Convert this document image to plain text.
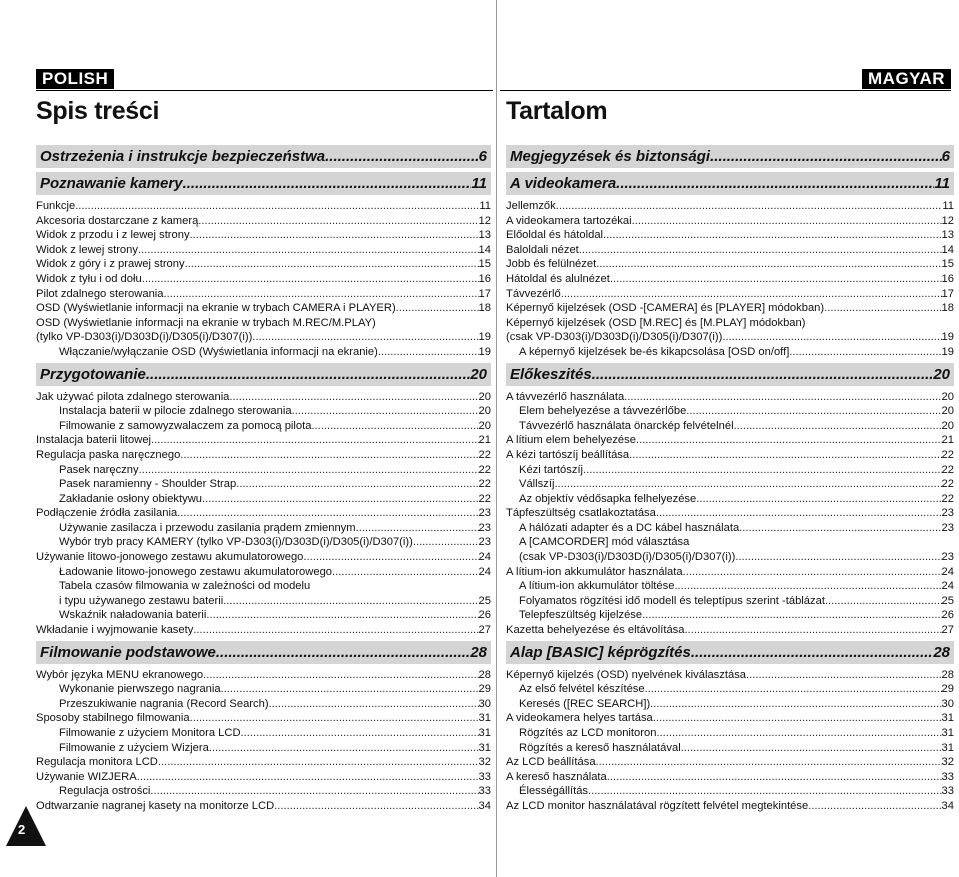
POLISH
Spis treści
MAGYAR
Tartalom
Ostrzeżenia i instrukcje bezpieczeństwa .....	6
Poznawanie kamery .....	11
Funkcje .....	11
Akcesoria dostarczane z kamerą .....	12
Widok z przodu i z lewej strony .....	13
Widok z lewej strony .....	14
Widok z góry i z prawej strony .....	15
Widok z tyłu i od dołu .....	16
Pilot zdalnego sterowania .....	17
OSD (Wyświetlanie informacji na ekranie w trybach CAMERA i PLAYER) .....	18
OSD (Wyświetlanie informacji na ekranie w trybach M.REC/M.PLAY)
(tylko VP-D303(i)/D303D(i)/D305(i)/D307(i)) .....	19
Włączanie/wyłączanie OSD (Wyświetlania informacji na ekranie) .....	19
Przygotowanie .....	20
Jak używać pilota zdalnego sterowania .....	20
Instalacja baterii w pilocie zdalnego sterowania .....	20
Filmowanie z samowyzwalaczem za pomocą pilota .....	20
Instalacja baterii litowej .....	21
Regulacja paska naręcznego .....	22
Pasek naręczny .....	22
Pasek naramienny - Shoulder Strap .....	22
Zakładanie osłony obiektywu .....	22
Podłączenie źródła zasilania .....	23
Używanie zasilacza i przewodu zasilania prądem zmiennym .....	23
Wybór tryb pracy KAMERY (tylko VP-D303(i)/D303D(i)/D305(i)/D307(i)) .....	23
Używanie litowo-jonowego zestawu akumulatorowego .....	24
Ładowanie litowo-jonowego zestawu akumulatorowego .....	24
Tabela czasów filmowania w zależności od modelu
i typu używanego zestawu baterii .....	25
Wskaźnik naładowania baterii .....	26
Wkładanie i wyjmowanie kasety .....	27
Filmowanie podstawowe .....	28
Wybór języka MENU ekranowego .....	28
Wykonanie pierwszego nagrania .....	29
Przeszukiwanie nagrania (Record Search) .....	30
Sposoby stabilnego filmowania .....	31
Filmowanie z użyciem Monitora LCD .....	31
Filmowanie z użyciem Wizjera. .....	31
Regulacja monitora LCD .....	32
Używanie WIZJERA .....	33
Regulacja ostrości .....	33
Odtwarzanie nagranej kasety na monitorze LCD .....	34
Megjegyzések és biztonsági .....	6
A videokamera .....	11
Jellemzők .....	11
A videokamera tartozékai .....	12
Előoldal és hátoldal .....	13
Baloldali nézet .....	14
Jobb és felülnézet .....	15
Hátoldal és alulnézet .....	16
Távvezérlő .....	17
Képernyő kijelzések (OSD -[CAMERA] és [PLAYER] módokban) .....	18
Képernyő kijelzések (OSD [M.REC] és [M.PLAY] módokban)
(csak VP-D303(i)/D303D(i)/D305(i)/D307(i)) .....	19
A képernyő kijelzések be-és kikapcsolása [OSD on/off] .....	19
Előkeszités .....	20
A távvezérlő használata .....	20
Elem behelyezése a távvezérlőbe .....	20
Távvezérlő használata önarckép felvételnél .....	20
A lítium elem behelyezése .....	21
A kézi tartószíj beállítása .....	22
Kézi tartószíj .....	22
Vállszíj .....	22
Az objektív védősapka felhelyezése .....	22
Tápfeszültség csatlakoztatása .....	23
A hálózati adapter és a DC kábel használata .....	23
A [CAMCORDER] mód választása
(csak VP-D303(i)/D303D(i)/D305(i)/D307(i)) .....	23
A lítium-ion akkumulátor használata .....	24
A lítium-ion akkumulátor töltése .....	24
Folyamatos rögzítési idő modell és teleptípus szerint -táblázat .....	25
Telepfeszültség kijelzése .....	26
Kazetta behelyezése és eltávolítása .....	27
Alap [BASIC] képrögzítés .....	28
Képernyő kijelzés (OSD) nyelvének kiválasztása .....	28
Az első felvétel készítése .....	29
Keresés ([REC SEARCH]) .....	30
A videokamera helyes tartása .....	31
Rögzítés az LCD monitoron .....	31
Rögzítés a kereső használatával .....	31
Az LCD beállítása .....	32
A kereső használata .....	33
Élességállítás .....	33
Az LCD monitor használatával rögzített felvétel megtekintése .....	34
2
